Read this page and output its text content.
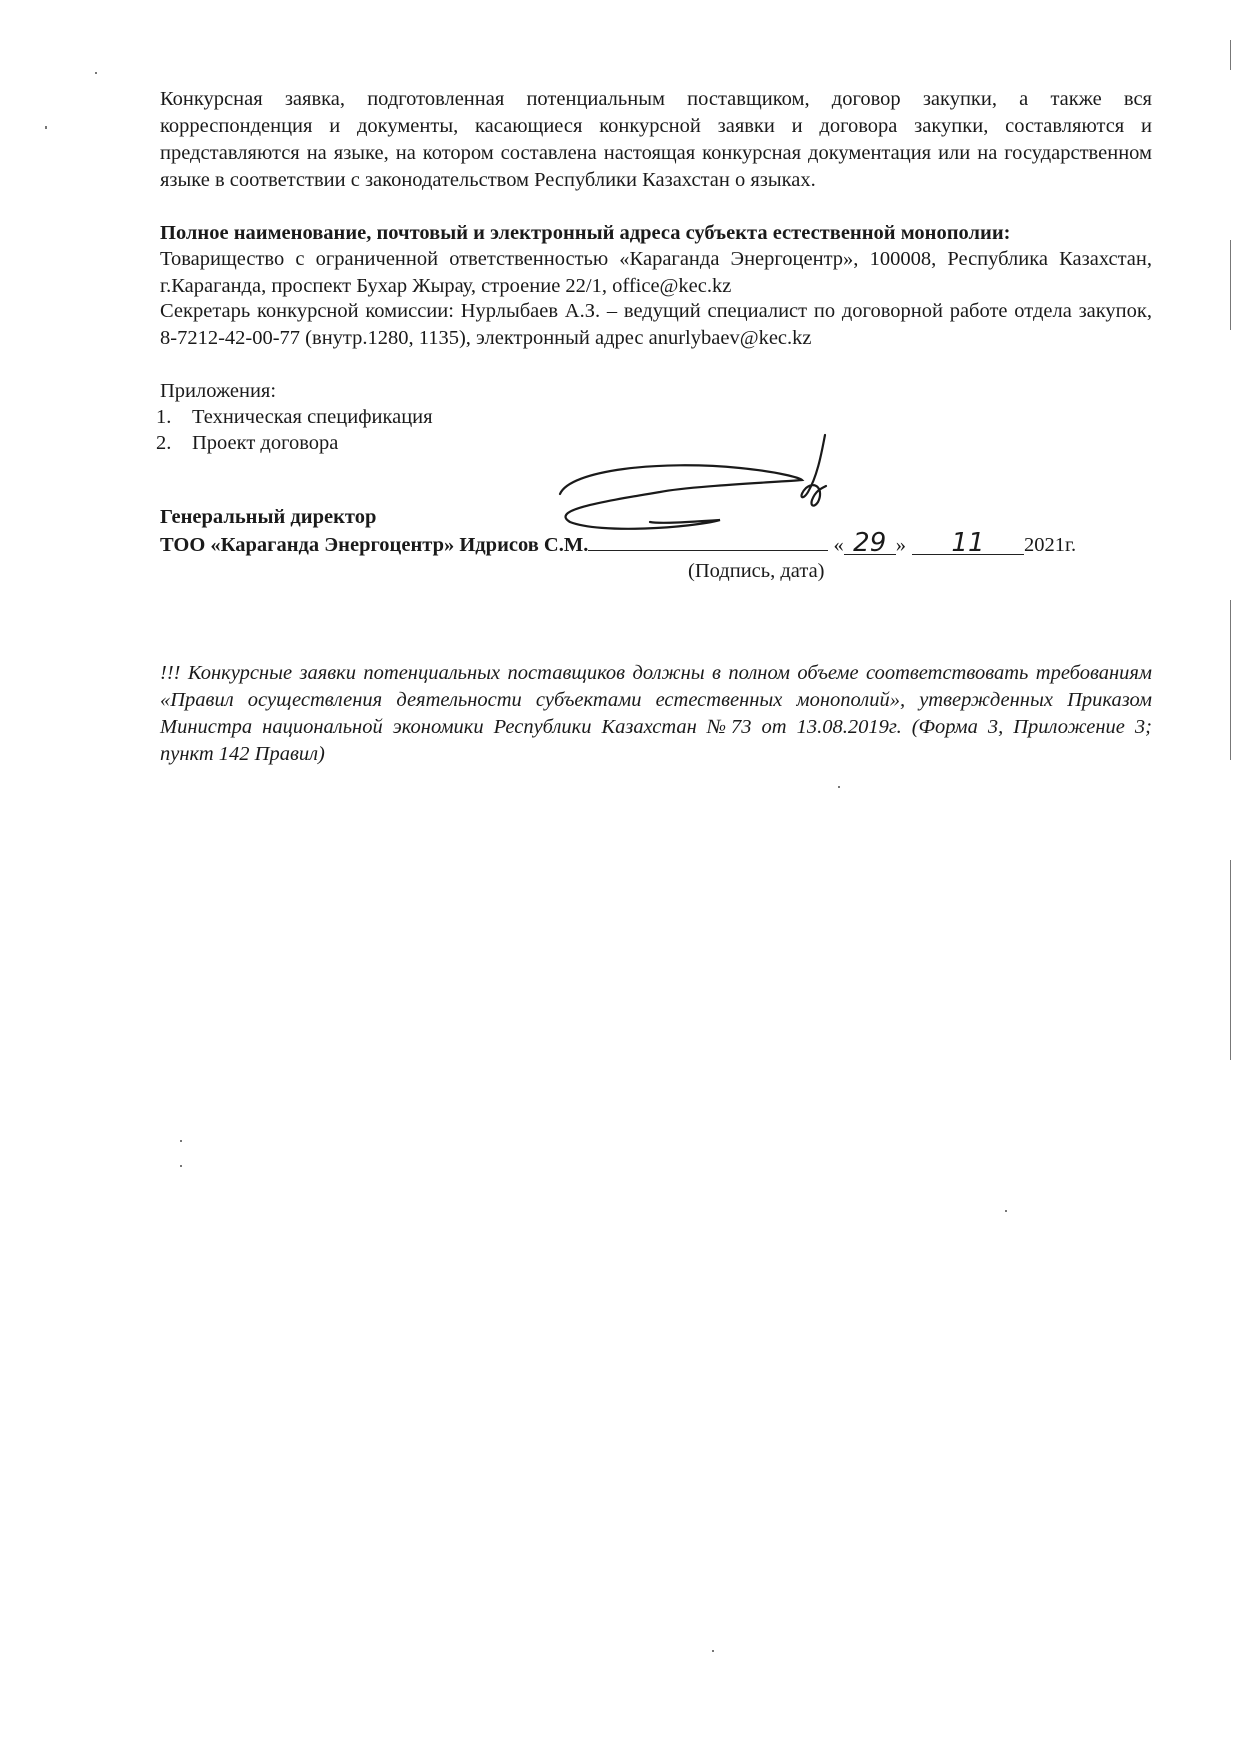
Конкурсная заявка, подготовленная потенциальным поставщиком, договор закупки, а также вся корреспонденция и документы, касающиеся конкурсной заявки и договора закупки, составляются и представляются на языке, на котором составлена настоящая конкурсная документация или на государственном языке в соответствии с законодательством Республики Казахстан о языках.

Полное наименование, почтовый и электронный адреса субъекта естественной монополии:

Товарищество с ограниченной ответственностью «Караганда Энергоцентр», 100008, Республика Казахстан, г.Караганда, проспект Бухар Жырау, строение 22/1, office@kec.kz

Секретарь конкурсной комиссии: Нурлыбаев А.З. – ведущий специалист по договорной работе отдела закупок, 8-7212-42-00-77 (внутр.1280, 1135), электронный адрес anurlybaev@kec.kz

Приложения:

1. Техническая спецификация

2. Проект договора

Генеральный директор

ТОО «Караганда Энергоцентр» Идрисов С.М.	« 29 » 11 2021г.

(Подпись, дата)

!!! Конкурсные заявки потенциальных поставщиков должны в полном объеме соответствовать требованиям «Правил осуществления деятельности субъектами естественных монополий», утвержденных Приказом Министра национальной экономики Республики Казахстан №73 от 13.08.2019г. (Форма 3, Приложение 3; пункт 142 Правил)
